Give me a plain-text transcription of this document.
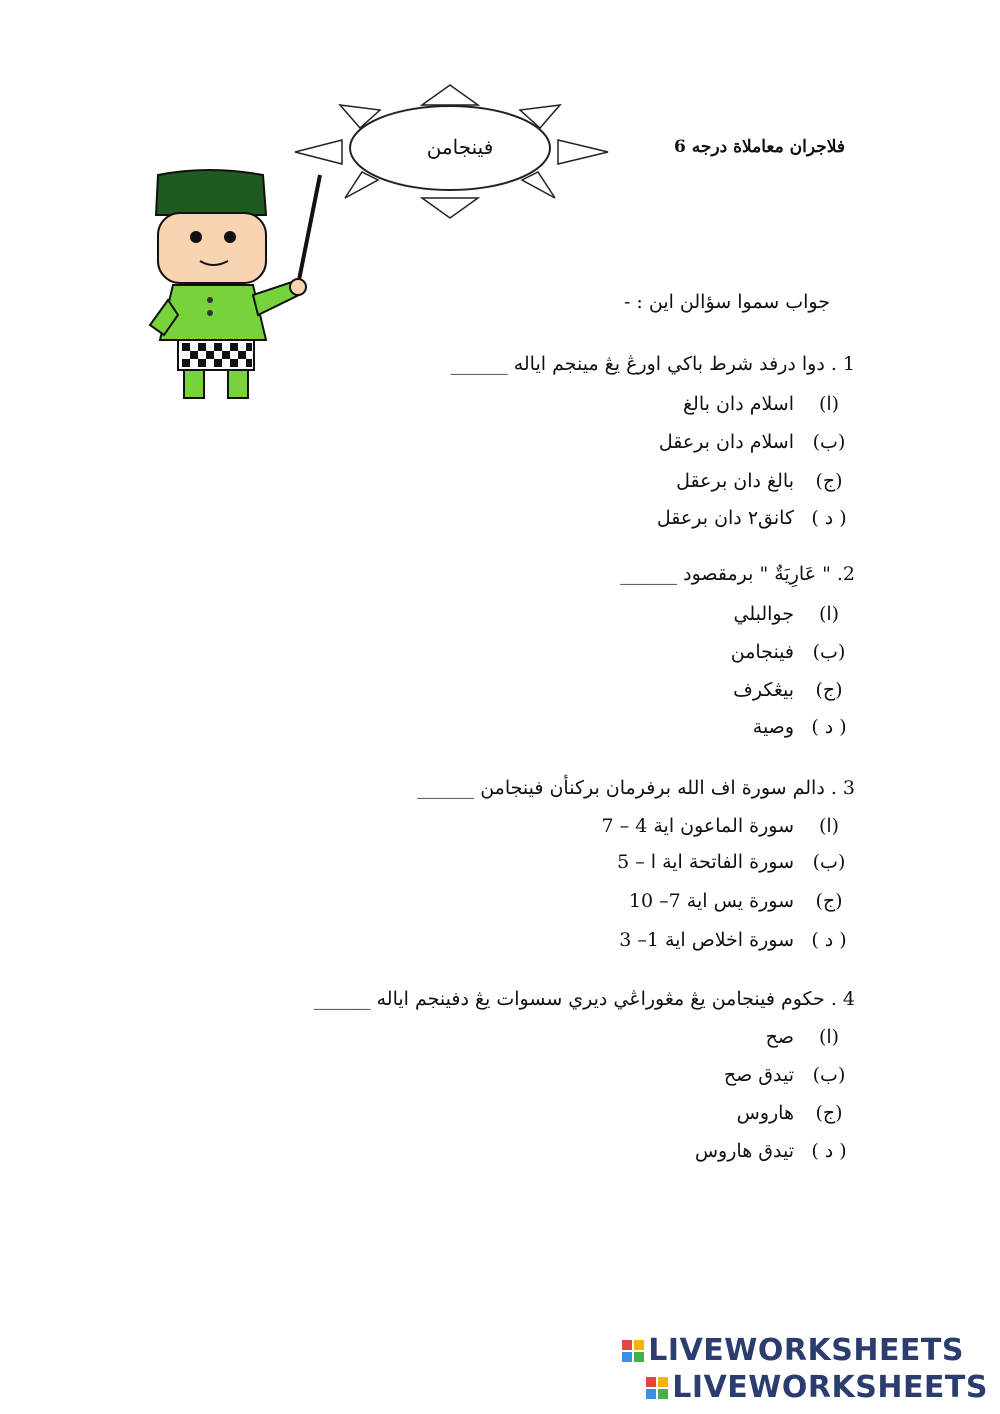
فلاجران معاملاة درجه 6
فينجامن
جواب سموا سؤالن اين : -
1 . دوا درفد شرط باكي اورڠ يڠ مينجم اياله ______
(ا)اسلام دان بالغ
(ب)اسلام دان برعقل
(ج)بالغ دان برعقل
( د )كانق٢ دان برعقل
2. " عَارِيَةٌ " برمقصود ______
(ا)جوالبلي
(ب)فينجامن
(ج)بيڠكرف
( د )وصية
3 . دالم سورة اف الله برفرمان بركنأن فينجامن ______
(ا)سورة الماعون اية 4 – 7
(ب)سورة الفاتحة اية ا – 5
(ج)سورة يس اية 7– 10
( د )سورة اخلاص اية 1– 3
4 . حكوم فينجامن يڠ مڠوراڠي ديري سسوات يڠ دفينجم اياله ______
(ا)صح
(ب)تيدق صح
(ج)هاروس
( د )تيدق هاروس
LIVEWORKSHEETS
LIVEWORKSHEETS
